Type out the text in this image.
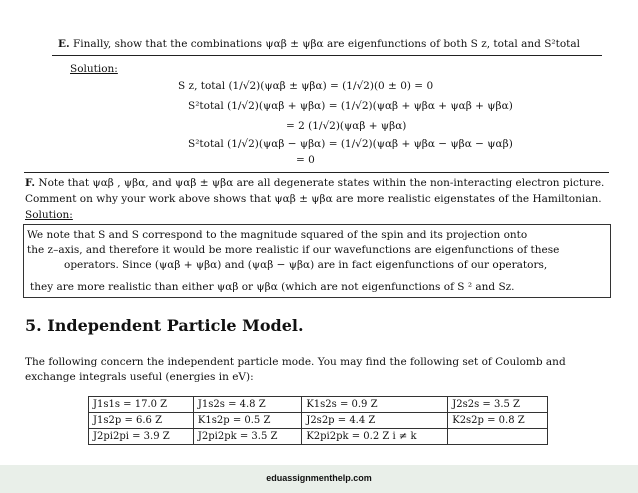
E. Finally, show that the combinations ψαβ ± ψβα are eigenfunctions of both S z, total and S²total
Solution:
S z, total (1/√2)(ψαβ ± ψβα) = (1/√2)(0 ± 0) = 0
S²total (1/√2)(ψαβ + ψβα) = (1/√2)(ψαβ + ψβα + ψαβ + ψβα)
= 2 (1/√2)(ψαβ + ψβα)
S²total (1/√2)(ψαβ − ψβα) = (1/√2)(ψαβ + ψβα − ψβα − ψαβ)
= 0
F. Note that ψαβ , ψβα, and ψαβ ± ψβα are all degenerate states within the non-interacting electron picture.
Comment on why your work above shows that ψαβ ± ψβα are more realistic eigenstates of the Hamiltonian.
Solution:
We note that S and S correspond to the magnitude squared of the spin and its projection onto
the z–axis, and therefore it would be more realistic if our wavefunctions are eigenfunctions of these
operators. Since (ψαβ + ψβα) and (ψαβ − ψβα) are in fact eigenfunctions of our operators,
they are more realistic than either ψαβ or ψβα (which are not eigenfunctions of S ² and Sz.
5. Independent Particle Model.
The following concern the independent particle mode. You may find the following set of Coulomb and
exchange integrals useful (energies in eV):
J1s1s = 17.0 Z	J1s2s = 4.8 Z	K1s2s = 0.9 Z	J2s2s = 3.5 Z
J1s2p = 6.6 Z	K1s2p = 0.5 Z	J2s2p = 4.4 Z	K2s2p = 0.8 Z
J2pi2pi = 3.9 Z	J2pi2pk = 3.5 Z	K2pi2pk = 0.2 Z i ≠ k	
eduassignmenthelp.com
